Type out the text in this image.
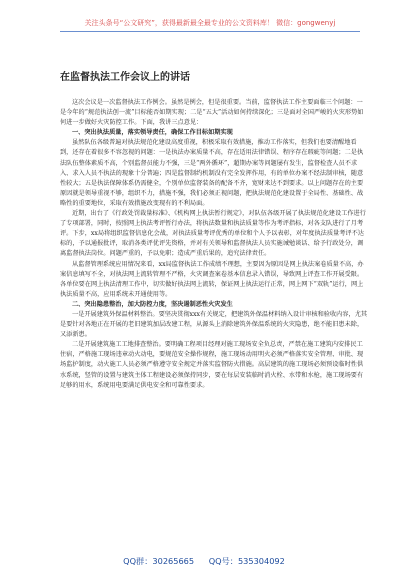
关注头条号“公文研究”，获得最新最全最专业的公文资料库！ 微信：gongwenyj
在监督执法工作会议上的讲话

这次会议是一次监督执法工作例会。虽然是例会，但是很重要。当前，监督执法工作主要面临三个问题：一是今年的“规范执法创一流”目标能否如期实现；二是“五大”活动如何持续深化；三是面对全国严峻的火灾形势如何进一步做好火灾防控工作。下面，我讲三点意见：

一、突出执法质量，落实领导责任，确保工作目标如期实现

虽然队伍各级普遍对执法规范化建设高度重视，积极采取有效措施，推动工作落实，但我们也要清醒地看到，还存在着很多不容忽视的问题：一是执法办案质量不高，存在适用法律错误、程序存在瑕疵等问题；二是执法队伍整体素质不高，个别监督员能力不强，三是“两外循环”，超期办案等问题屡有发生，监督检查人员不求入、求入人员不执法的现象十分普遍；四是监督制约机制没有完全发挥作用，有的单位办案不经法制审核，随意性较大；五是执法保障体系仍需健全，个别单位监督装备的配备不齐，宽财来达不到要求。以上问题存在的主要原因就是领导重视不够，组织不力，措施不强，我们必须正视问题，把执法规范化建设置于全局性、基础性、战略性的重要地位，采取有效措施改变现有的不利局面。

近期，出台了《行政处罚裁量标准》、《机构网上执法暂行规定》，对队伍各级开展了执法规范化建设工作进行了专项部署，同时，按照网上执法考评暂行办法，将执法数量和执法质量等作为考评指标，对各支队进行了月考评。下步，xx局将组织监督信息化会战，对执法质量考评优秀的单位和个人予以表彰，对年度执法质量考评不达标的，予以通报批评，取消各类评优评先资格，并对有关领导和监督执法人员实施诫勉谈话、给予行政处分，调离监督执法岗位。问题严重的，予以免职；造成严重后果的，追究法律责任。

从监督管理系统应用情况来看，xx局监督执法工作成绩不理想，主要因为原因是网上执法案卷质量不高，办案信息填写不全，对执法网上流转管理不严格，火灾调查案卷基本信息录入错误，导致网上评查工作开展受限。各单位要在网上执法清理工作中，切实做好执法网上流转，保证网上执法运行正常，网上网下“双轨”运行，网上执法质量不高，应用系统未开通使用等。

二、突出隐患整治，加大防控力度，坚决遏制恶性火灾发生

一是开展建筑外保温材料整治。要坚决贯彻xxx有关规定，把建筑外保温材料纳入设计审核和验收内容，尤其是要针对各地正在开展的老旧建筑加层改建工程，从源头上消除建筑外保温系统的火灾隐患，绝不能旧患未除，又添新患。

二是开展建筑施工工地排查整治。要明确工程项目经理对施工现场安全负总责，严禁在施工建筑内安排民工住宿，严格施工现场违章动火动电，要规范安全操作规程，施工现场动用明火必须严格落实安全管理、审批、现场监护制度，动火施工人员必须严格遵守安全规定并落实监督防火措施。高层建筑的施工现场必须预设临时性供水系统，竖管的设置与建筑主体工程建设必须保持同步，要在每层安装临时消火栓、水带和水枪，施工现场要有足够的用水，系统用电要满足供电安全和可靠性要求。

QQ群：30265665 QQ号：535304092
